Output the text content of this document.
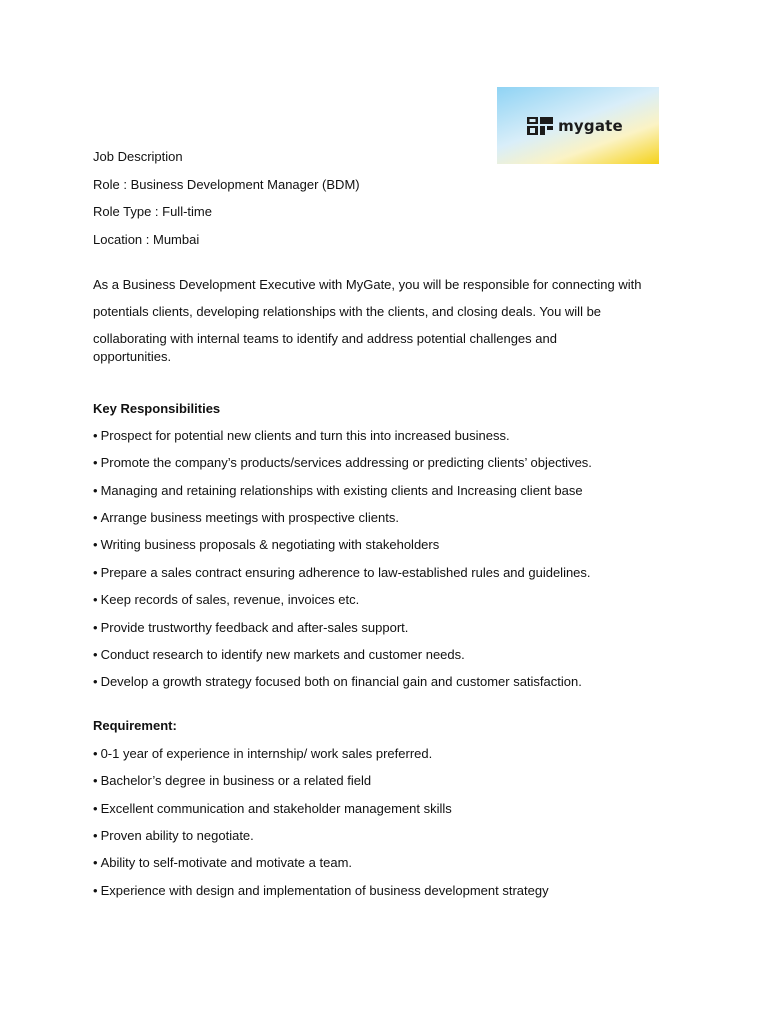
mygate
Job Description
Role : Business Development Manager (BDM)
Role Type : Full-time
Location : Mumbai
As a Business Development Executive with MyGate, you will be responsible for connecting with
potentials clients, developing relationships with the clients, and closing deals. You will be
collaborating with internal teams to identify and address potential challenges and
opportunities.
Key Responsibilities
• Prospect for potential new clients and turn this into increased business.
• Promote the company’s products/services addressing or predicting clients’ objectives.
• Managing and retaining relationships with existing clients and Increasing client base
• Arrange business meetings with prospective clients.
• Writing business proposals & negotiating with stakeholders
• Prepare a sales contract ensuring adherence to law-established rules and guidelines.
• Keep records of sales, revenue, invoices etc.
• Provide trustworthy feedback and after-sales support.
• Conduct research to identify new markets and customer needs.
• Develop a growth strategy focused both on financial gain and customer satisfaction.
Requirement:
• 0-1 year of experience in internship/ work sales preferred.
• Bachelor’s degree in business or a related field
• Excellent communication and stakeholder management skills
• Proven ability to negotiate.
• Ability to self-motivate and motivate a team.
• Experience with design and implementation of business development strategy
